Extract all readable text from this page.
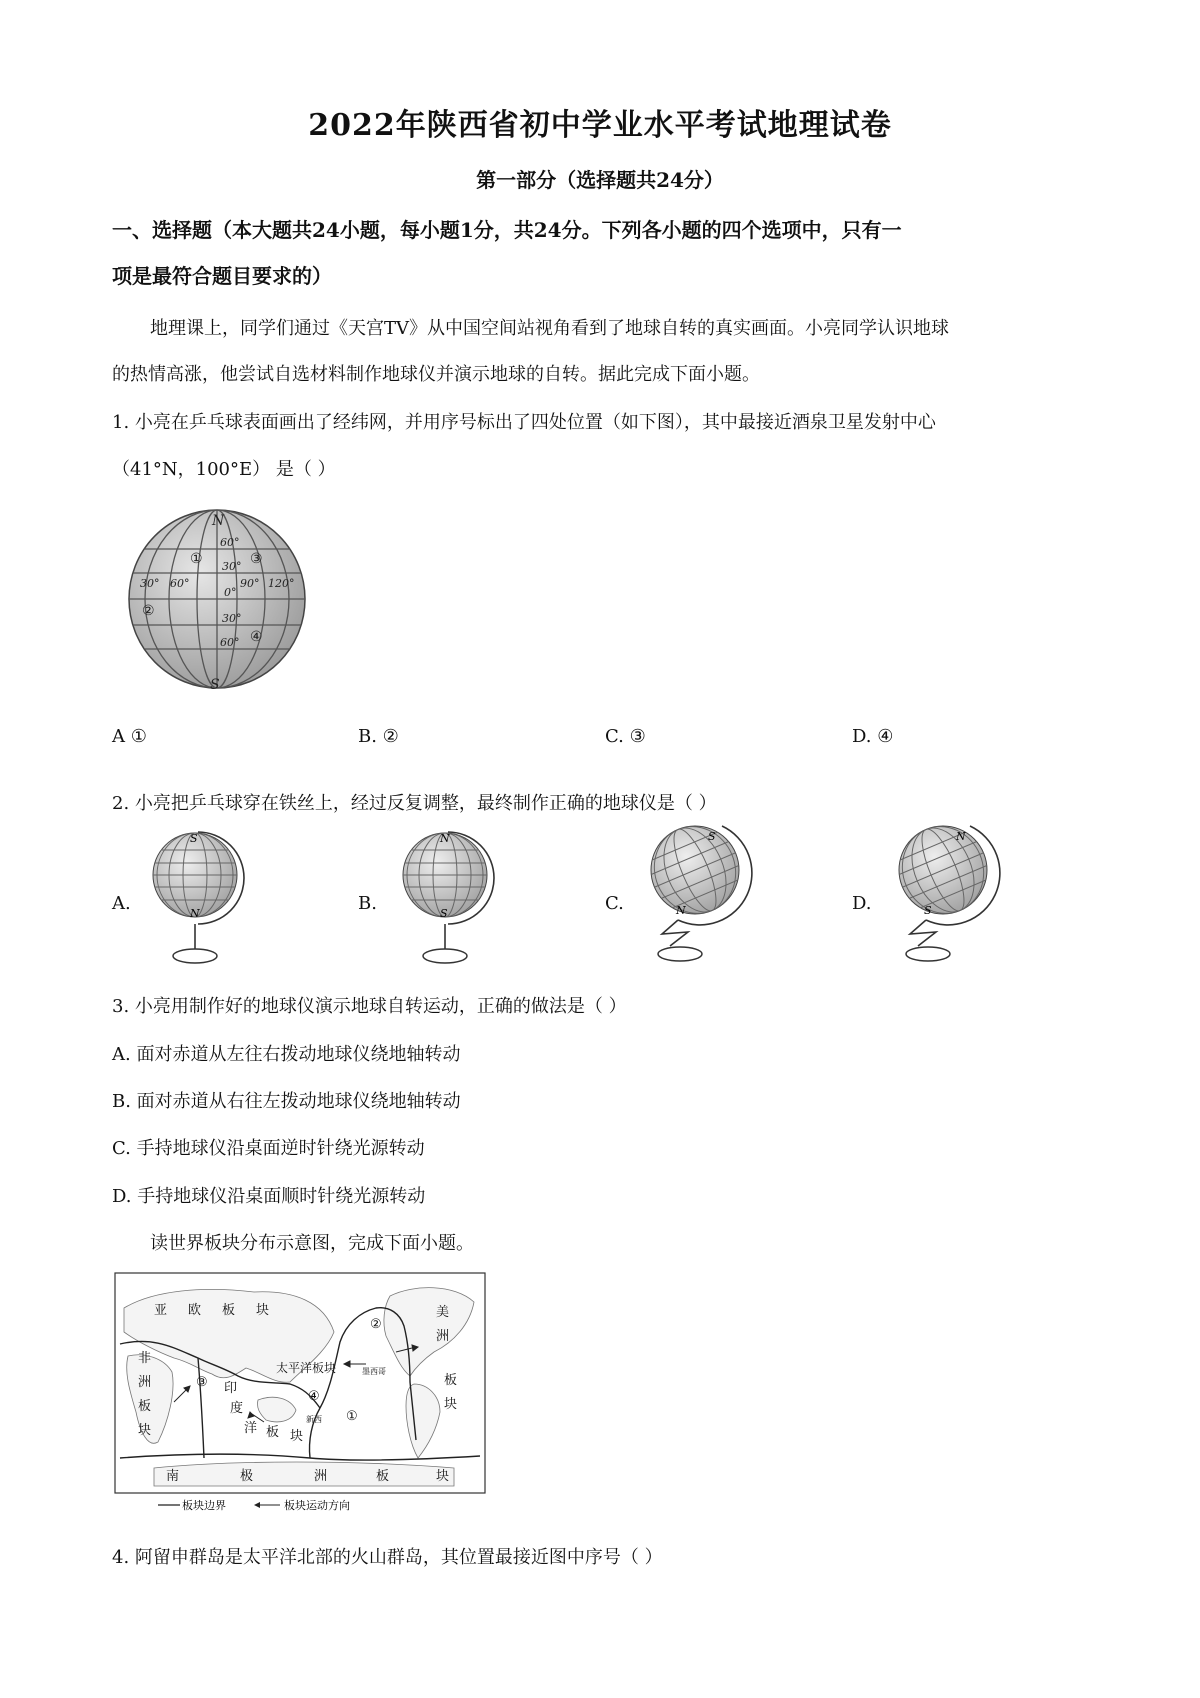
2022年陕西省初中学业水平考试地理试卷
第一部分（选择题共24分）
一、选择题（本大题共24小题，每小题1分，共24分。下列各小题的四个选项中，只有一
项是最符合题目要求的）
地理课上，同学们通过《天宫TV》从中国空间站视角看到了地球自转的真实画面。小亮同学认识地球
的热情高涨，他尝试自选材料制作地球仪并演示地球的自转。据此完成下面小题。
1. 小亮在乒乓球表面画出了经纬网，并用序号标出了四处位置（如下图），其中最接近酒泉卫星发射中心
（41°N，100°E） 是（ ）
N
S
60°
30°
0°
30°
60°
30° 60°	90° 120°
①
②
③
④
A ①	B. ②	C. ③	D. ④
2. 小亮把乒乓球穿在铁丝上，经过反复调整，最终制作正确的地球仪是（ ）
A.	B.	C.	D.
S
N
N
S
S
N
N
S
3. 小亮用制作好的地球仪演示地球自转运动，正确的做法是（ ）
A. 面对赤道从左往右拨动地球仪绕地轴转动
B. 面对赤道从右往左拨动地球仪绕地轴转动
C. 手持地球仪沿桌面逆时针绕光源转动
D. 手持地球仪沿桌面顺时针绕光源转动
读世界板块分布示意图，完成下面小题。
亚 欧 板 块
非
洲
板
块
印
度
洋 板 块
太平洋板块
美
洲
板
块
南	极	洲	板	块
墨西哥
新西 ①
②
③
④
板块边界	板块运动方向
4. 阿留申群岛是太平洋北部的火山群岛，其位置最接近图中序号（ ）
